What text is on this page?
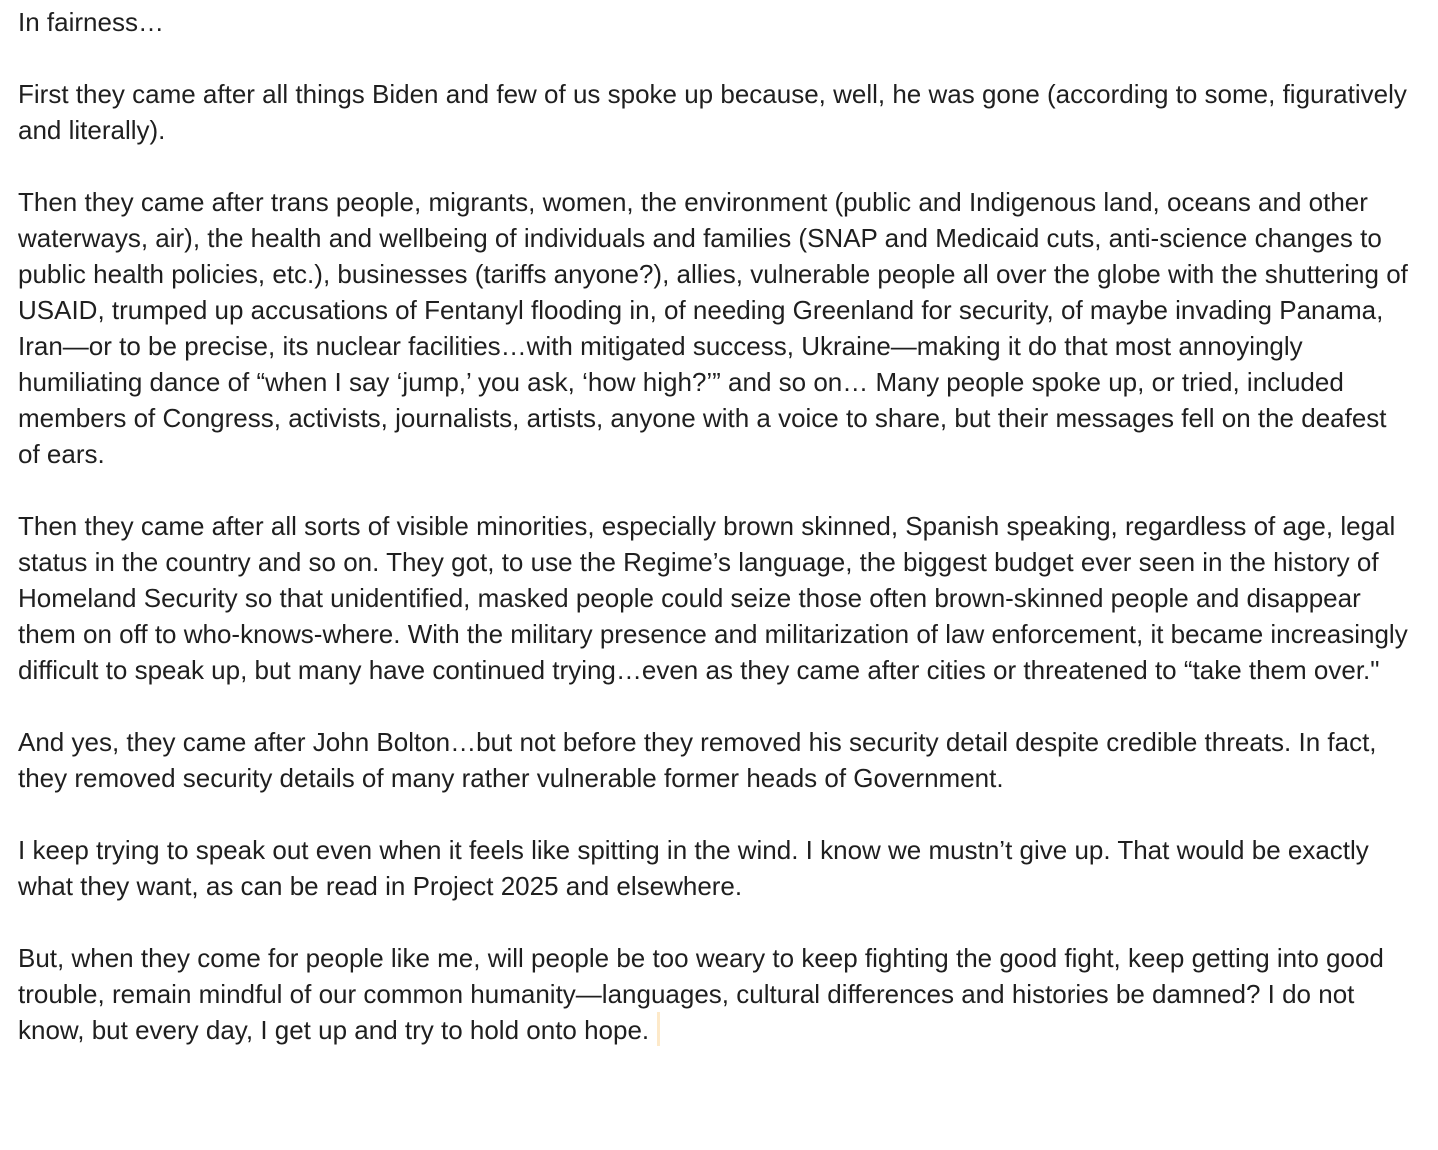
In fairness…

First they came after all things Biden and few of us spoke up because, well, he was gone (according to some, figuratively and literally).

Then they came after trans people, migrants, women, the environment (public and Indigenous land, oceans and other waterways, air), the health and wellbeing of individuals and families (SNAP and Medicaid cuts, anti-science changes to public health policies, etc.), businesses (tariffs anyone?), allies, vulnerable people all over the globe with the shuttering of USAID, trumped up accusations of Fentanyl flooding in, of needing Greenland for security, of maybe invading Panama, Iran—or to be precise, its nuclear facilities…with mitigated success, Ukraine—making it do that most annoyingly humiliating dance of “when I say ‘jump,’ you ask, ‘how high?’” and so on… Many people spoke up, or tried, included members of Congress, activists, journalists, artists, anyone with a voice to share, but their messages fell on the deafest of ears.

Then they came after all sorts of visible minorities, especially brown skinned, Spanish speaking, regardless of age, legal status in the country and so on. They got, to use the Regime’s language, the biggest budget ever seen in the history of Homeland Security so that unidentified, masked people could seize those often brown-skinned people and disappear them on off to who-knows-where. With the military presence and militarization of law enforcement, it became increasingly difficult to speak up, but many have continued trying…even as they came after cities or threatened to “take them over."

And yes, they came after John Bolton…but not before they removed his security detail despite credible threats. In fact, they removed security details of many rather vulnerable former heads of Government.

I keep trying to speak out even when it feels like spitting in the wind. I know we mustn’t give up. That would be exactly what they want, as can be read in Project 2025 and elsewhere.

But, when they come for people like me, will people be too weary to keep fighting the good fight, keep getting into good trouble, remain mindful of our common humanity—languages, cultural differences and histories be damned? I do not know, but every day, I get up and try to hold onto hope.
